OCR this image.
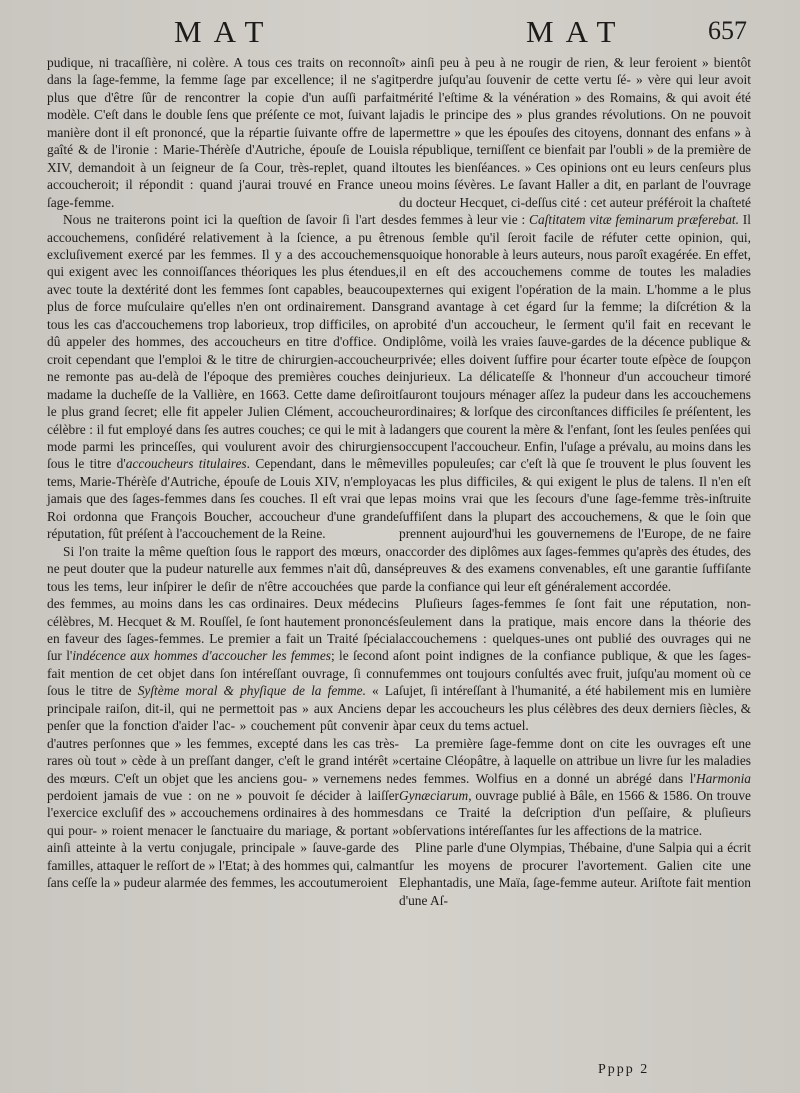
MAT	MAT	657

pudique, ni tracaſſière, ni colère. A tous ces traits on reconnoît dans la ſage-femme, la femme ſage par excellence; il ne s'agit plus que d'être ſûr de rencontrer la copie d'un auſſi parfait modèle. C'eſt dans le double ſens que préſente ce mot, ſuivant la manière dont il eſt prononcé, que la répartie ſuivante offre de la gaîté & de l'ironie : Marie-Thérèſe d'Autriche, épouſe de Louis XIV, demandoit à un ſeigneur de ſa Cour, très-replet, quand il accoucheroit; il répondit : quand j'aurai trouvé en France une ſage-femme.

Nous ne traiterons point ici la queſtion de ſavoir ſi l'art des accouchemens, conſidéré relativement à la ſcience, a pu être excluſivement exercé par les femmes. Il y a des accouchemens qui exigent avec les connoiſſances théoriques les plus étendues, avec toute la dextérité dont les femmes ſont capables, beaucoup plus de force muſculaire qu'elles n'en ont ordinairement. Dans tous les cas d'accouchemens trop laborieux, trop difficiles, on a dû appeler des hommes, des accoucheurs en titre d'office. On croit cependant que l'emploi & le titre de chirurgien-accoucheur ne remonte pas au-delà de l'époque des premières couches de madame la ducheſſe de la Vallière, en 1663. Cette dame deſiroit le plus grand ſecret; elle fit appeler Julien Clément, accoucheur célèbre : il fut employé dans ſes autres couches; ce qui le mit à la mode parmi les princeſſes, qui voulurent avoir des chirurgiens ſous le titre d'accoucheurs titulaires. Cependant, dans le même tems, Marie-Thérèſe d'Autriche, épouſe de Louis XIV, n'employa jamais que des ſages-femmes dans ſes couches. Il eſt vrai que le Roi ordonna que François Boucher, accoucheur d'une grande réputation, fût préſent à l'accouchement de la Reine.

Si l'on traite la même queſtion ſous le rapport des mœurs, on ne peut douter que la pudeur naturelle aux femmes n'ait dû, dans tous les tems, leur inſpirer le deſir de n'être accouchées que par des femmes, au moins dans les cas ordinaires. Deux médecins célèbres, M. Hecquet & M. Rouſſel, ſe ſont hautement prononcés en faveur des ſages-femmes. Le premier a fait un Traité ſpécial ſur l'indécence aux hommes d'accoucher les femmes; le ſecond a fait mention de cet objet dans ſon intéreſſant ouvrage, ſi connu ſous le titre de Syſtème moral & phyſique de la femme. « La principale raiſon, dit-il, qui ne permettoit pas » aux Anciens de penſer que la fonction d'aider l'ac- » couchement pût convenir à d'autres perſonnes que » les femmes, excepté dans les cas très-rares où tout » cède à un preſſant danger, c'eſt le grand intérêt » des mœurs. C'eſt un objet que les anciens gou- » vernemens ne perdoient jamais de vue : on ne » pouvoit ſe décider à laiſſer l'exercice excluſif des » accouchemens ordinaires à des hommes qui pour- » roient menacer le ſanctuaire du mariage, & portant » ainſi atteinte à la vertu conjugale, principale » ſauve-garde des familles, attaquer le reſſort de » l'Etat; à des hommes qui, calmant ſans ceſſe la » pudeur alarmée des femmes, les accoutumeroient

» ainſi peu à peu à ne rougir de rien, & leur feroient » bientôt perdre juſqu'au ſouvenir de cette vertu ſé- » vère qui leur avoit mérité l'eſtime & la vénération » des Romains, & qui avoit été jadis le principe des » plus grandes révolutions. On ne pouvoit permettre » que les épouſes des citoyens, donnant des enfans » à la république, terniſſent ce bienfait par l'oubli » de la première de toutes les bienſéances. » Ces opinions ont eu leurs cenſeurs plus ou moins ſévères. Le ſavant Haller a dit, en parlant de l'ouvrage du docteur Hecquet, ci-deſſus cité : cet auteur préféroit la chaſteté des femmes à leur vie : Caſtitatem vitæ feminarum præferebat. Il nous ſemble qu'il ſeroit facile de réfuter cette opinion, qui, quoique honorable à leurs auteurs, nous paroît exagérée. En effet, il en eſt des accouchemens comme de toutes les maladies externes qui exigent l'opération de la main. L'homme a le plus grand avantage à cet égard ſur la femme; la diſcrétion & la probité d'un accoucheur, le ſerment qu'il fait en recevant le diplôme, voilà les vraies ſauve-gardes de la décence publique & privée; elles doivent ſuffire pour écarter toute eſpèce de ſoupçon injurieux. La délicateſſe & l'honneur d'un accoucheur timoré ſauront toujours ménager aſſez la pudeur dans les accouchemens ordinaires; & lorſque des circonſtances difficiles ſe préſentent, les dangers que courent la mère & l'enfant, ſont les ſeules penſées qui occupent l'accoucheur. Enfin, l'uſage a prévalu, au moins dans les villes populeuſes; car c'eſt là que ſe trouvent le plus ſouvent les cas les plus difficiles, & qui exigent le plus de talens. Il n'en eſt pas moins vrai que les ſecours d'une ſage-femme très-inſtruite ſuffiſent dans la plupart des accouchemens, & que le ſoin que prennent aujourd'hui les gouvernemens de l'Europe, de ne faire accorder des diplômes aux ſages-femmes qu'après des études, des épreuves & des examens convenables, eſt une garantie ſuffiſante de la confiance qui leur eſt généralement accordée.

Pluſieurs ſages-femmes ſe ſont fait une réputation, non-ſeulement dans la pratique, mais encore dans la théorie des accouchemens : quelques-unes ont publié des ouvrages qui ne ſont point indignes de la confiance publique, & que les ſages-femmes ont toujours conſultés avec fruit, juſqu'au moment où ce ſujet, ſi intéreſſant à l'humanité, a été habilement mis en lumière par les accoucheurs les plus célèbres des deux derniers ſiècles, & par ceux du tems actuel.

La première ſage-femme dont on cite les ouvrages eſt une certaine Cléopâtre, à laquelle on attribue un livre ſur les maladies des femmes. Wolfius en a donné un abrégé dans l'Harmonia Gynæciarum, ouvrage publié à Bâle, en 1566 & 1586. On trouve dans ce Traité la deſcription d'un peſſaire, & pluſieurs obſervations intéreſſantes ſur les affections de la matrice.

Pline parle d'une Olympias, Thébaine, d'une Salpia qui a écrit ſur les moyens de procurer l'avortement. Galien cite une Elephantadis, une Maïa, ſage-femme auteur. Ariſtote fait mention d'une Aſ-

Pppp 2
